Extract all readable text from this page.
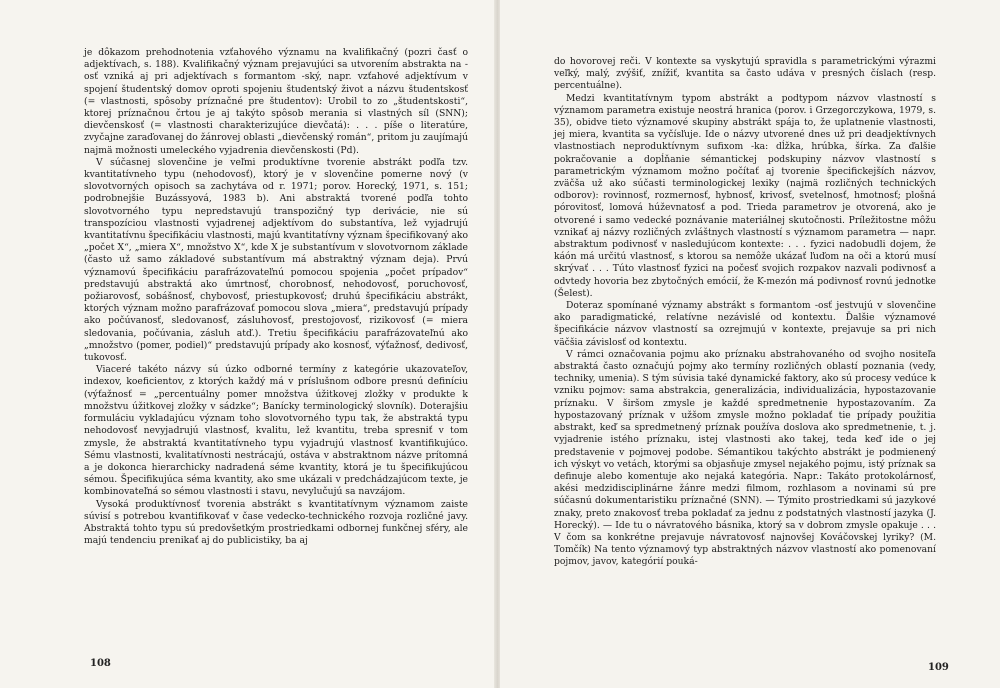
je dôkazom prehodnotenia vzťahového významu na kvalifikačný (pozri časť o adjektívach, s. 188). Kvalifikačný význam prejavujúci sa utvorením abstrakta na -osť vzniká aj pri adjektívach s formantom -ský, napr. vzťahové adjektívum v spojení študentský domov oproti spojeniu študentský život a názvu študentskosť (= vlastnosti, spôsoby príznačné pre študentov): Urobil to zo „študentskosti“, ktorej príznačnou črtou je aj takýto spôsob merania si vlastných síl (SNN); dievčenskosť (= vlastnosti charakterizujúce dievčatá): . . . píše o literatúre, zvyčajne zaraďovanej do žánrovej oblasti „dievčenský román“, pritom ju zaujímajú najmä možnosti umeleckého vyjadrenia dievčenskosti (Pd).

V súčasnej slovenčine je veľmi produktívne tvorenie abstrákt podľa tzv. kvantitatívneho typu (nehodovosť), ktorý je v slovenčine pomerne nový (v slovotvorných opisoch sa zachytáva od r. 1971; porov. Horecký, 1971, s. 151; podrobnejšie Buzássyová, 1983 b). Ani abstraktá tvorené podľa tohto slovotvorného typu nepredstavujú transpozičný typ derivácie, nie sú transpozíciou vlastnosti vyjadrenej adjektívom do substantíva, lež vyjadrujú kvantitatívnu špecifikáciu vlastnosti, majú kvantitatívny význam špecifikovaný ako „počet X“, „miera X“, množstvo X“, kde X je substantívum v slovotvornom základe (často už samo základové substantívum má abstraktný význam deja). Prvú významovú špecifikáciu parafrázovateľnú pomocou spojenia „počet prípadov“ predstavujú abstraktá ako úmrtnosť, chorobnosť, nehodovosť, poruchovosť, požiarovosť, sobášnosť, chybovosť, priestupkovosť; druhú špecifikáciu abstrákt, ktorých význam možno parafrázovať pomocou slova „miera“, predstavujú prípady ako počúvanosť, sledovanosť, zásluhovosť, prestojovosť, rizikovosť (= miera sledovania, počúvania, zásluh atď.). Tretiu špecifikáciu parafrázovateľnú ako „množstvo (pomer, podiel)“ predstavujú prípady ako kosnosť, výťažnosť, dedivosť, tukovosť.

Viaceré takéto názvy sú úzko odborné termíny z kategórie ukazovateľov, indexov, koeficientov, z ktorých každý má v príslušnom odbore presnú definíciu (výťažnosť = „percentuálny pomer množstva úžitkovej zložky v produkte k množstvu úžitkovej zložky v sádzke“; Banícky terminologický slovník). Doterajšiu formuláciu vykladajúcu význam toho slovotvorného typu tak, že abstraktá typu nehodovosť nevyjadrujú vlastnosť, kvalitu, lež kvantitu, treba spresniť v tom zmysle, že abstraktá kvantitatívneho typu vyjadrujú vlastnosť kvantifikujúco. Sému vlastnosti, kvalitatívnosti nestrácajú, ostáva v abstraktnom názve prítomná a je dokonca hierarchicky nadradená séme kvantity, ktorá je tu špecifikujúcou sémou. Špecifikujúca séma kvantity, ako sme ukázali v predchádzajúcom texte, je kombinovateľná so sémou vlastnosti i stavu, nevylučujú sa navzájom.

Vysoká produktívnosť tvorenia abstrákt s kvantitatívnym významom zaiste súvisí s potrebou kvantifikovať v čase vedecko-technického rozvoja rozličné javy. Abstraktá tohto typu sú predovšetkým prostriedkami odbornej funkčnej sféry, ale majú tendenciu prenikať aj do publicistiky, ba aj

108

do hovorovej reči. V kontexte sa vyskytujú spravidla s parametrickými výrazmi veľký, malý, zvýšiť, znížiť, kvantita sa často udáva v presných číslach (resp. percentuálne).

Medzi kvantitatívnym typom abstrákt a podtypom názvov vlastností s významom parametra existuje neostrá hranica (porov. i Grzegorczykowa, 1979, s. 35), obidve tieto významové skupiny abstrákt spája to, že uplatnenie vlastnosti, jej miera, kvantita sa vyčísľuje. Ide o názvy utvorené dnes už pri deadjektívnych vlastnostiach neproduktívnym sufixom -ka: dĺžka, hrúbka, šírka. Za ďalšie pokračovanie a dopĺňanie sémantickej podskupiny názvov vlastností s parametrickým významom možno počítať aj tvorenie špecifickejších názvov, zväčša už ako súčasti terminologickej lexiky (najmä rozličných technických odborov): rovinnosť, rozmernosť, hybnosť, krivosť, svetelnosť, hmotnosť; plošná pórovitosť, lomová húževnatosť a pod. Trieda parametrov je otvorená, ako je otvorené i samo vedecké poznávanie materiálnej skutočnosti. Príležitostne môžu vznikať aj názvy rozličných zvláštnych vlastností s významom parametra — napr. abstraktum podivnosť v nasledujúcom kontexte: . . . fyzici nadobudli dojem, že káón má určitú vlastnosť, s ktorou sa nemôže ukázať ľuďom na oči a ktorú musí skrývať . . . Túto vlastnosť fyzici na počesť svojich rozpakov nazvali podivnosť a odvtedy hovoria bez zbytočných emócií, že K-mezón má podivnosť rovnú jednotke (Šelest).

Doteraz spomínané významy abstrákt s formantom -osť jestvujú v slovenčine ako paradigmatické, relatívne nezávislé od kontextu. Ďalšie významové špecifikácie názvov vlastností sa ozrejmujú v kontexte, prejavuje sa pri nich väčšia závislosť od kontextu.

V rámci označovania pojmu ako príznaku abstrahovaného od svojho nositeľa abstraktá často označujú pojmy ako termíny rozličných oblastí poznania (vedy, techniky, umenia). S tým súvisia také dynamické faktory, ako sú procesy vedúce k vzniku pojmov: sama abstrakcia, generalizácia, individualizácia, hypostazovanie príznaku. V širšom zmysle je každé spredmetnenie hypostazovaním. Za hypostazovaný príznak v užšom zmysle možno pokladať tie prípady použitia abstrakt, keď sa spredmetnený príznak používa doslova ako spredmetnenie, t. j. vyjadrenie istého príznaku, istej vlastnosti ako takej, teda keď ide o jej predstavenie v pojmovej podobe. Sémantikou takýchto abstrákt je podmienený ich výskyt vo vetách, ktorými sa objasňuje zmysel nejakého pojmu, istý príznak sa definuje alebo komentuje ako nejaká kategória. Napr.: Takáto protokolárnosť, akési medzidisciplinárne žánre medzi filmom, rozhlasom a novinami sú pre súčasnú dokumentaristiku príznačné (SNN). — Týmito prostriedkami sú jazykové znaky, preto znakovosť treba pokladať za jednu z podstatných vlastností jazyka (J. Horecký). — Ide tu o návratového básnika, ktorý sa v dobrom zmysle opakuje . . . V čom sa konkrétne prejavuje návratovosť najnovšej Kováčovskej lyriky? (M. Tomčík) Na tento významový typ abstraktných názvov vlastností ako pomenovaní pojmov, javov, kategórií pouká-

109
